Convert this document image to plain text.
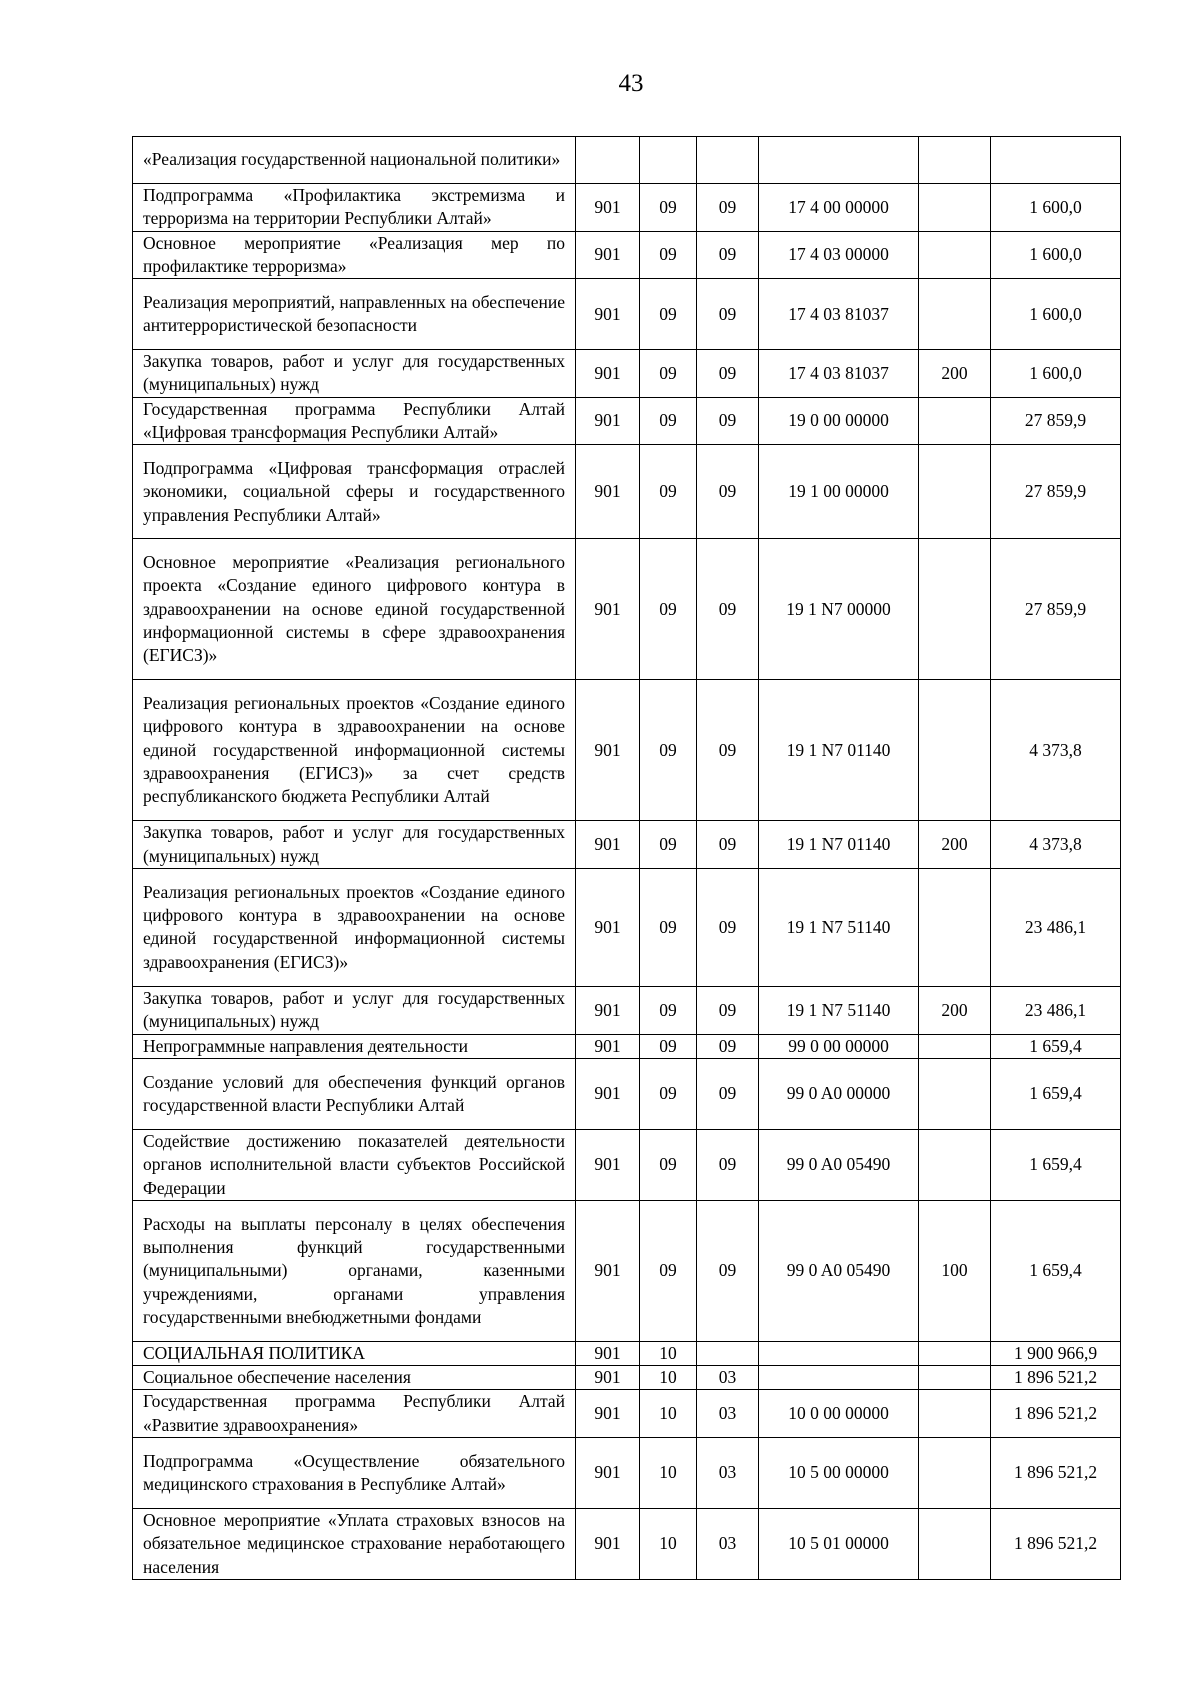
43
«Реализация государственной национальной политики»						
Подпрограмма «Профилактика экстремизма и терроризма на территории Республики Алтай»	901	09	09	17 4 00 00000		1 600,0
Основное мероприятие «Реализация мер по профилактике терроризма»	901	09	09	17 4 03 00000		1 600,0
Реализация мероприятий, направленных на обеспечение антитеррористической безопасности	901	09	09	17 4 03 81037		1 600,0
Закупка товаров, работ и услуг для государственных (муниципальных) нужд	901	09	09	17 4 03 81037	200	1 600,0
Государственная программа Республики Алтай «Цифровая трансформация Республики Алтай»	901	09	09	19 0 00 00000		27 859,9
Подпрограмма «Цифровая трансформация отраслей экономики, социальной сферы и государственного управления Республики Алтай»	901	09	09	19 1 00 00000		27 859,9
Основное мероприятие «Реализация регионального проекта «Создание единого цифрового контура в здравоохранении на основе единой государственной информационной системы в сфере здравоохранения (ЕГИСЗ)»	901	09	09	19 1 N7 00000		27 859,9
Реализация региональных проектов «Создание единого цифрового контура в здравоохранении на основе единой государственной информационной системы здравоохранения (ЕГИСЗ)» за счет средств республиканского бюджета Республики Алтай	901	09	09	19 1 N7 01140		4 373,8
Закупка товаров, работ и услуг для государственных (муниципальных) нужд	901	09	09	19 1 N7 01140	200	4 373,8
Реализация региональных проектов «Создание единого цифрового контура в здравоохранении на основе единой государственной информационной системы здравоохранения (ЕГИСЗ)»	901	09	09	19 1 N7 51140		23 486,1
Закупка товаров, работ и услуг для государственных (муниципальных) нужд	901	09	09	19 1 N7 51140	200	23 486,1
Непрограммные направления деятельности	901	09	09	99 0 00 00000		1 659,4
Создание условий для обеспечения функций органов государственной власти Республики Алтай	901	09	09	99 0 A0 00000		1 659,4
Содействие достижению показателей деятельности органов исполнительной власти субъектов Российской Федерации	901	09	09	99 0 A0 05490		1 659,4
Расходы на выплаты персоналу в целях обеспечения выполнения функций государственными (муниципальными) органами, казенными учреждениями, органами управления государственными внебюджетными фондами	901	09	09	99 0 A0 05490	100	1 659,4
СОЦИАЛЬНАЯ ПОЛИТИКА	901	10				1 900 966,9
Социальное обеспечение населения	901	10	03			1 896 521,2
Государственная программа Республики Алтай «Развитие здравоохранения»	901	10	03	10 0 00 00000		1 896 521,2
Подпрограмма «Осуществление обязательного медицинского страхования в Республике Алтай»	901	10	03	10 5 00 00000		1 896 521,2
Основное мероприятие «Уплата страховых взносов на обязательное медицинское страхование неработающего населения	901	10	03	10 5 01 00000		1 896 521,2
